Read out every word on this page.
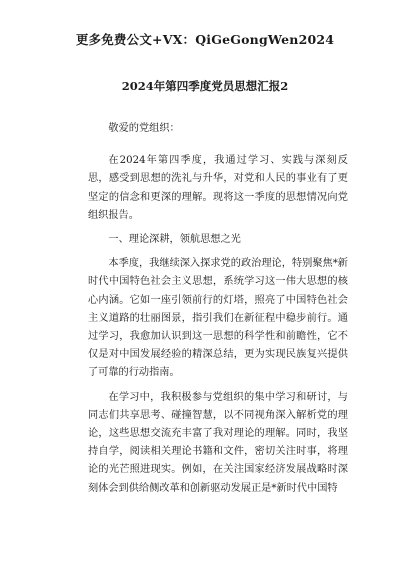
更多免费公文+VX：QiGeGongWen2024
2024年第四季度党员思想汇报2

敬爱的党组织：

在2024年第四季度，我通过学习、实践与深刻反思，感受到思想的洗礼与升华，对党和人民的事业有了更坚定的信念和更深的理解。现将这一季度的思想情况向党组织报告。

一、理论深耕，领航思想之光

本季度，我继续深入探求党的政治理论，特别聚焦*新时代中国特色社会主义思想，系统学习这一伟大思想的核心内涵。它如一座引领前行的灯塔，照亮了中国特色社会主义道路的壮丽图景，指引我们在新征程中稳步前行。通过学习，我愈加认识到这一思想的科学性和前瞻性，它不仅是对中国发展经验的精深总结，更为实现民族复兴提供了可靠的行动指南。

在学习中，我积极参与党组织的集中学习和研讨，与同志们共享思考、碰撞智慧，以不同视角深入解析党的理论，这些思想交流充丰富了我对理论的理解。同时，我坚持自学，阅读相关理论书籍和文件，密切关注时事，将理论的光芒照进现实。例如，在关注国家经济发展战略时深刻体会到供给侧改革和创新驱动发展正是*新时代中国特
